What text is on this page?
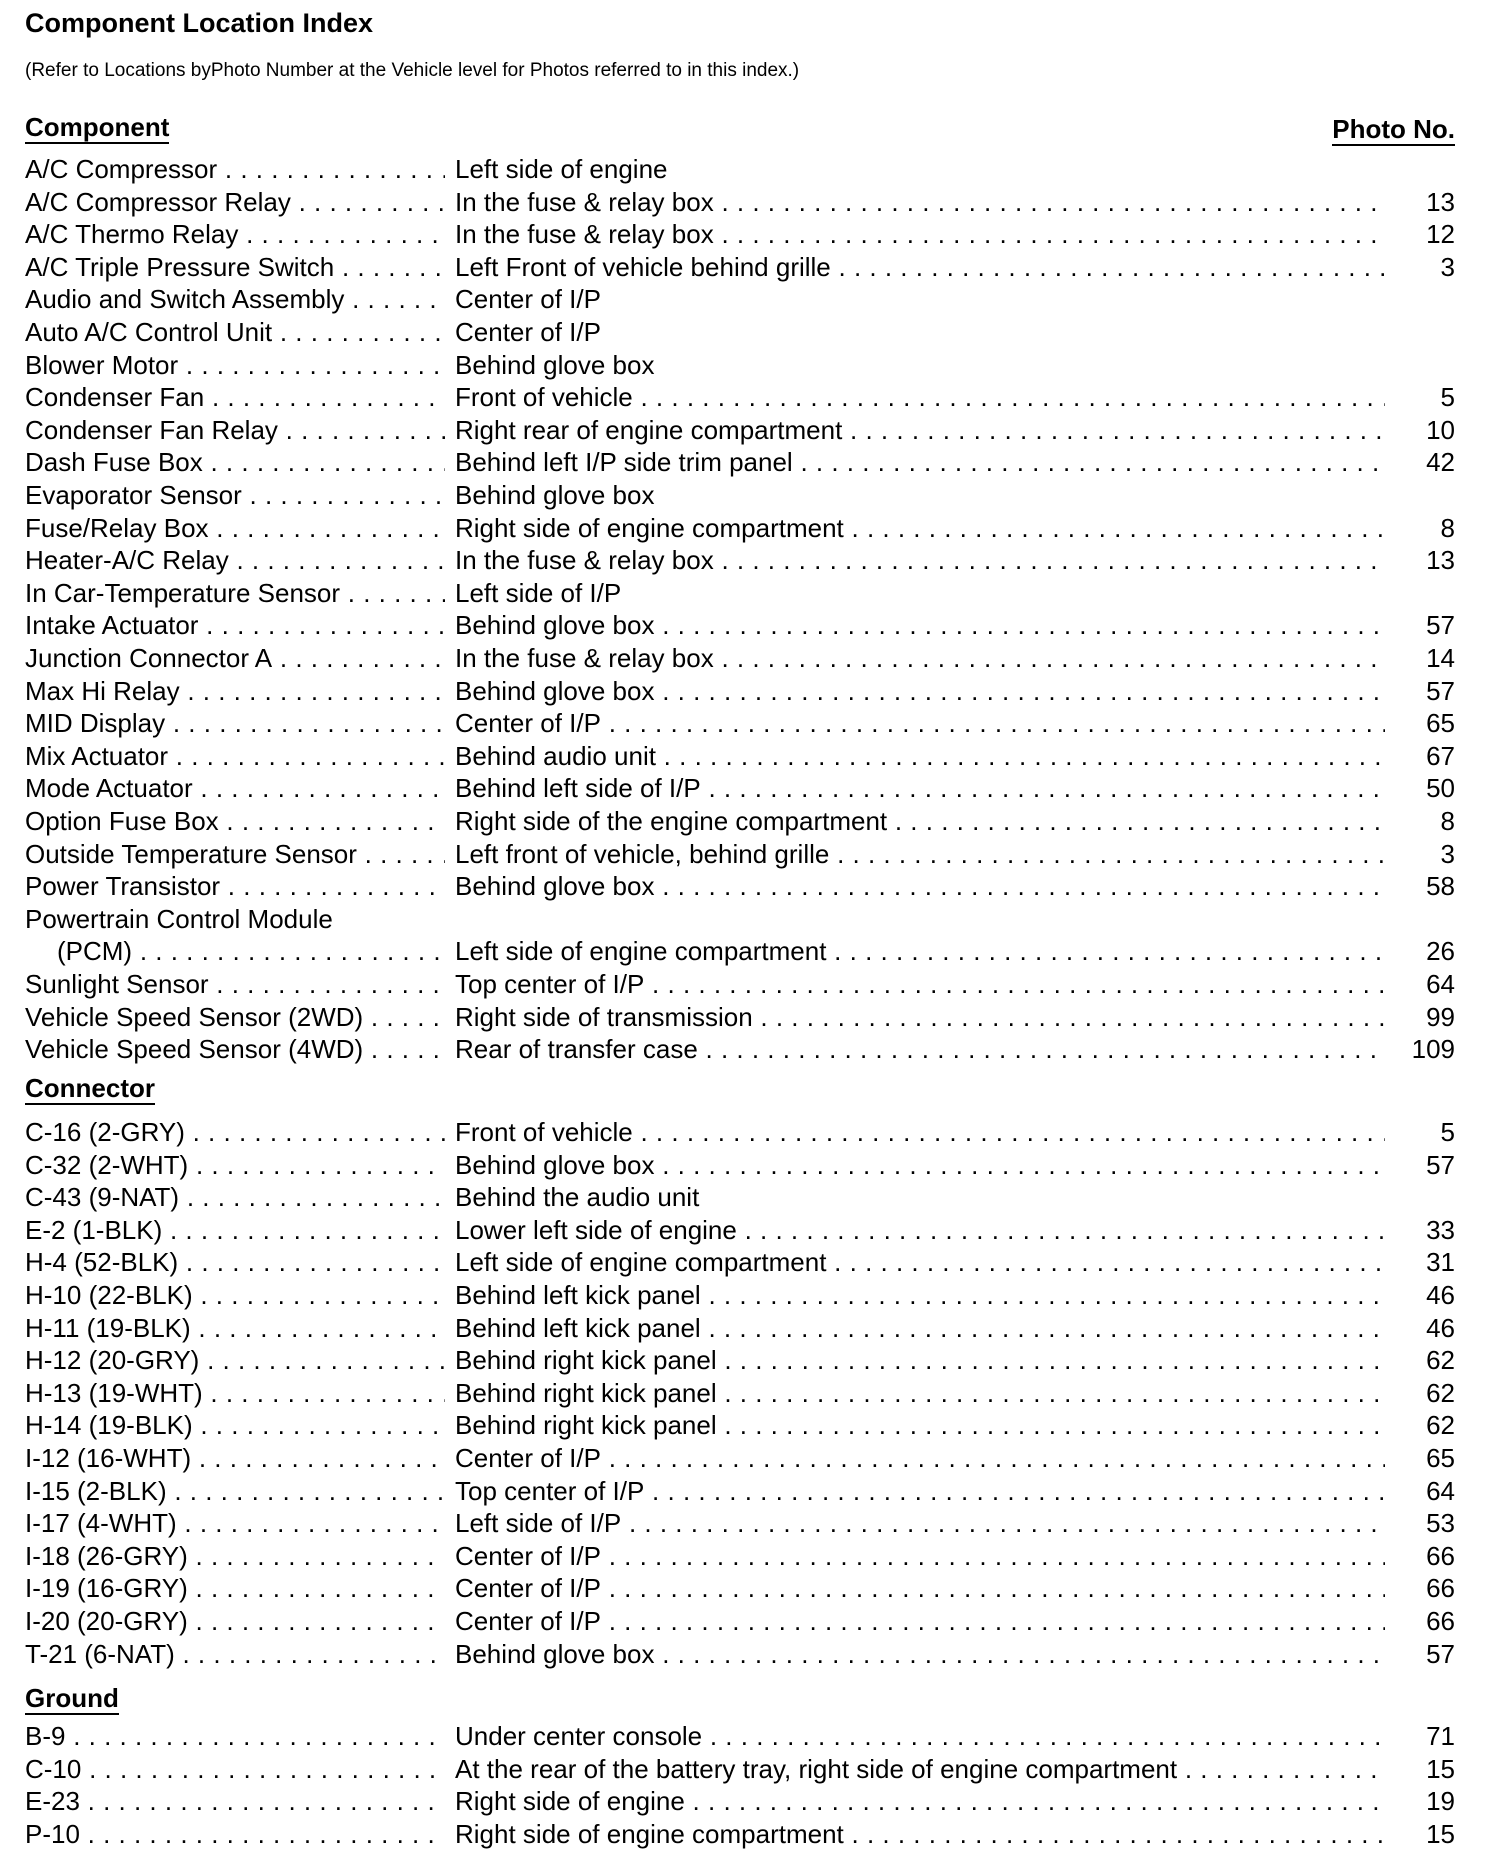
Component Location Index
(Refer to Locations byPhoto Number at the Vehicle level for Photos referred to in this index.)
Photo No.
Component
A/C Compressor . . .	Left side of engine
A/C Compressor Relay . . .	In the fuse & relay box . . .	13
A/C Thermo Relay . . .	In the fuse & relay box . . .	12
A/C Triple Pressure Switch . . .	Left Front of vehicle behind grille . . .	3
Audio and Switch Assembly . . .	Center of I/P
Auto A/C Control Unit . . .	Center of I/P
Blower Motor . . .	Behind glove box
Condenser Fan . . .	Front of vehicle . . .	5
Condenser Fan Relay . . .	Right rear of engine compartment . . .	10
Dash Fuse Box . . .	Behind left I/P side trim panel . . .	42
Evaporator Sensor . . .	Behind glove box
Fuse/Relay Box . . .	Right side of engine compartment . . .	8
Heater-A/C Relay . . .	In the fuse & relay box . . .	13
In Car-Temperature Sensor . . .	Left side of I/P
Intake Actuator . . .	Behind glove box . . .	57
Junction Connector A . . .	In the fuse & relay box . . .	14
Max Hi Relay . . .	Behind glove box . . .	57
MID Display . . .	Center of I/P . . .	65
Mix Actuator . . .	Behind audio unit . . .	67
Mode Actuator . . .	Behind left side of I/P . . .	50
Option Fuse Box . . .	Right side of the engine compartment . . .	8
Outside Temperature Sensor . . .	Left front of vehicle, behind grille . . .	3
Power Transistor . . .	Behind glove box . . .	58
Powertrain Control Module
(PCM) . . .	Left side of engine compartment . . .	26
Sunlight Sensor . . .	Top center of I/P . . .	64
Vehicle Speed Sensor (2WD) . . .	Right side of transmission . . .	99
Vehicle Speed Sensor (4WD) . . .	Rear of transfer case . . .	109
Connector
C-16 (2-GRY) . . .	Front of vehicle . . .	5
C-32 (2-WHT) . . .	Behind glove box . . .	57
C-43 (9-NAT) . . .	Behind the audio unit
E-2 (1-BLK) . . .	Lower left side of engine . . .	33
H-4 (52-BLK) . . .	Left side of engine compartment . . .	31
H-10 (22-BLK) . . .	Behind left kick panel . . .	46
H-11 (19-BLK) . . .	Behind left kick panel . . .	46
H-12 (20-GRY) . . .	Behind right kick panel . . .	62
H-13 (19-WHT) . . .	Behind right kick panel . . .	62
H-14 (19-BLK) . . .	Behind right kick panel . . .	62
I-12 (16-WHT) . . .	Center of I/P . . .	65
I-15 (2-BLK) . . .	Top center of I/P . . .	64
I-17 (4-WHT) . . .	Left side of I/P . . .	53
I-18 (26-GRY) . . .	Center of I/P . . .	66
I-19 (16-GRY) . . .	Center of I/P . . .	66
I-20 (20-GRY) . . .	Center of I/P . . .	66
T-21 (6-NAT) . . .	Behind glove box . . .	57
Ground
B-9 . . .	Under center console . . .	71
C-10 . . .	At the rear of the battery tray, right side of engine compartment . . .	15
E-23 . . .	Right side of engine . . .	19
P-10 . . .	Right side of engine compartment . . .	15
